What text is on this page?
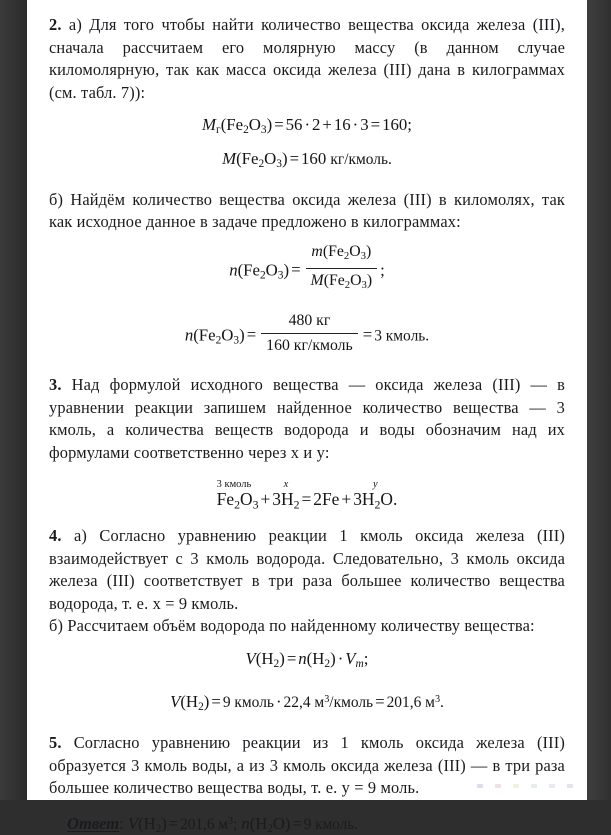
2. а) Для того чтобы найти количество вещества оксида железа (III), сначала рассчитаем его молярную массу (в данном случае киломолярную, так как масса оксида железа (III) дана в килограммах (см. табл. 7)):

$M_г(Fe_2O_3) = 56 \cdot 2 + 16 \cdot 3 = 160$;
$M(Fe_2O_3) = 160$ кг/кмоль.

б) Найдём количество вещества оксида железа (III) в киломолях, так как исходное данное в задаче предложено в килограммах:

$n(Fe_2O_3) = \frac{m(Fe_2O_3)}{M(Fe_2O_3)}$ ;
$n(Fe_2O_3) = \frac{480 кг}{\text{160 кг/кмоль}} = 3$ кмоль.

3. Над формулой исходного вещества — оксида железа (III) — в уравнении реакции запишем найденное количество вещества — 3 кмоль, а количества веществ водорода и воды обозначим над их формулами соответственно через x и y:

3 кмоль
$Fe_2O_3$ +
x
$3H_2 = 2Fe$ +
y
$3H_2O$.

4. а) Согласно уравнению реакции 1 кмоль оксида железа (III) взаимодействует с 3 кмоль водорода. Следовательно, 3 кмоль оксида железа (III) соответствует в три раза большее количество вещества водорода, т. е. x = 9 кмоль.

б) Рассчитаем объём водорода по найденному количеству вещества:

$V(H_2) = n(H_2) \cdot V_m$;
$V(H_2) = 9$ кмоль · 22,4 $м^3$/кмоль = 201,6 $м^3$.

5. Согласно уравнению реакции из 1 кмоль оксида железа (III) образуется 3 кмоль воды, а из 3 кмоль оксида железа (III) — в три раза большее количество вещества воды, т. е. y = 9 моль.

Ответ: $V(H_2) = 201,6$ $м^3$; $n(H_2O) = 9$ кмоль.
